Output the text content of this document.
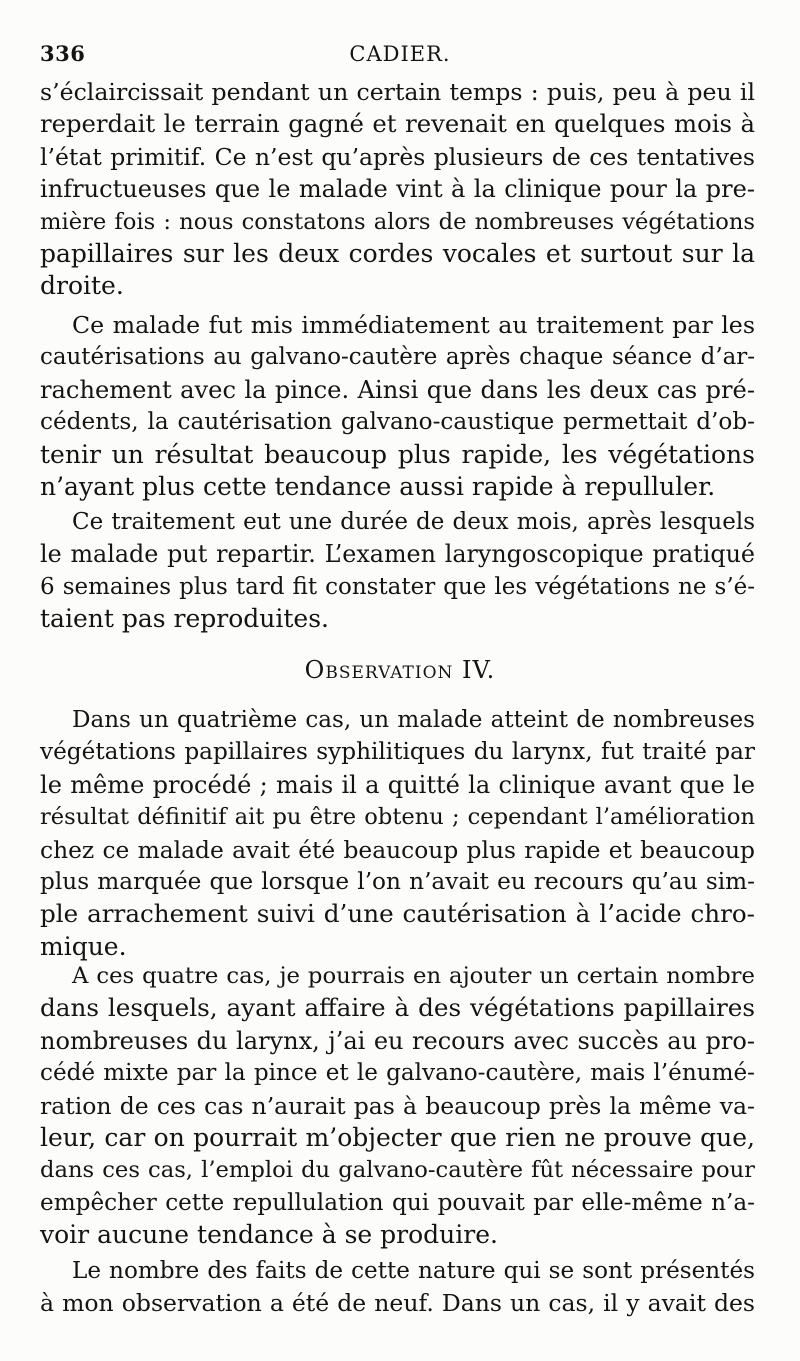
336	CADIER.
s’éclaircissait pendant un certain temps : puis, peu à peu il
reperdait le terrain gagné et revenait en quelques mois à
l’état primitif. Ce n’est qu’après plusieurs de ces tentatives
infructueuses que le malade vint à la clinique pour la pre-
mière fois : nous constatons alors de nombreuses végétations
papillaires sur les deux cordes vocales et surtout sur la
droite.
Ce malade fut mis immédiatement au traitement par les
cautérisations au galvano-cautère après chaque séance d’ar-
rachement avec la pince. Ainsi que dans les deux cas pré-
cédents, la cautérisation galvano-caustique permettait d’ob-
tenir un résultat beaucoup plus rapide, les végétations
n’ayant plus cette tendance aussi rapide à repulluler.
Ce traitement eut une durée de deux mois, après lesquels
le malade put repartir. L’examen laryngoscopique pratiqué
6 semaines plus tard fit constater que les végétations ne s’é-
taient pas reproduites.
Observation IV.
Dans un quatrième cas, un malade atteint de nombreuses
végétations papillaires syphilitiques du larynx, fut traité par
le même procédé ; mais il a quitté la clinique avant que le
résultat définitif ait pu être obtenu ; cependant l’amélioration
chez ce malade avait été beaucoup plus rapide et beaucoup
plus marquée que lorsque l’on n’avait eu recours qu’au sim-
ple arrachement suivi d’une cautérisation à l’acide chro-
mique.
A ces quatre cas, je pourrais en ajouter un certain nombre
dans lesquels, ayant affaire à des végétations papillaires
nombreuses du larynx, j’ai eu recours avec succès au pro-
cédé mixte par la pince et le galvano-cautère, mais l’énumé-
ration de ces cas n’aurait pas à beaucoup près la même va-
leur, car on pourrait m’objecter que rien ne prouve que,
dans ces cas, l’emploi du galvano-cautère fût nécessaire pour
empêcher cette repullulation qui pouvait par elle-même n’a-
voir aucune tendance à se produire.
Le nombre des faits de cette nature qui se sont présentés
à mon observation a été de neuf. Dans un cas, il y avait des
